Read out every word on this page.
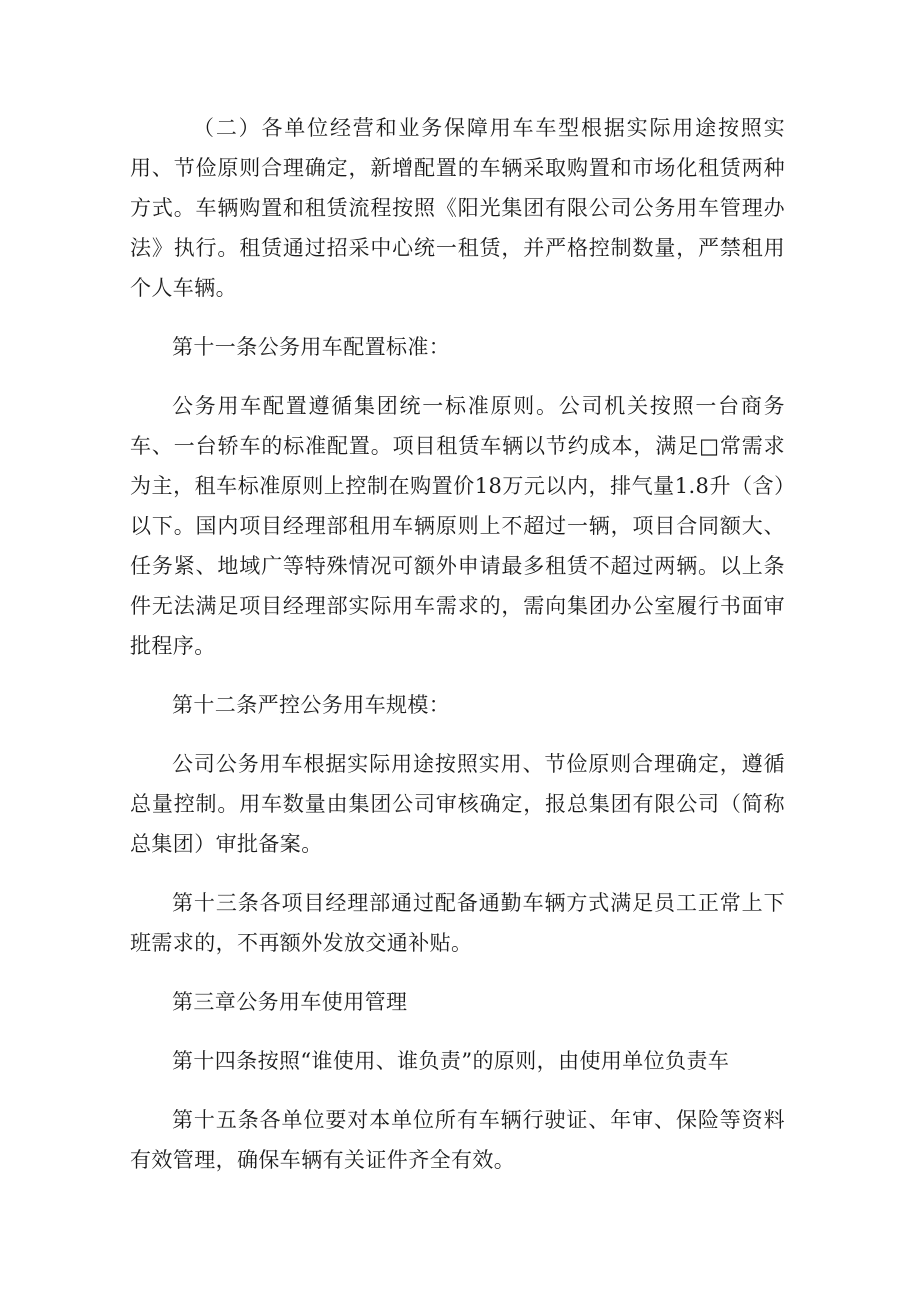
（二）各单位经营和业务保障用车车型根据实际用途按照实用、节俭原则合理确定，新增配置的车辆采取购置和市场化租赁两种方式。车辆购置和租赁流程按照《阳光集团有限公司公务用车管理办法》执行。租赁通过招采中心统一租赁，并严格控制数量，严禁租用个人车辆。

第十一条公务用车配置标准：

公务用车配置遵循集团统一标准原则。公司机关按照一台商务车、一台轿车的标准配置。项目租赁车辆以节约成本，满足□常需求为主，租车标准原则上控制在购置价18万元以内，排气量1.8升（含）以下。国内项目经理部租用车辆原则上不超过一辆，项目合同额大、任务紧、地域广等特殊情况可额外申请最多租赁不超过两辆。以上条件无法满足项目经理部实际用车需求的，需向集团办公室履行书面审批程序。

第十二条严控公务用车规模：

公司公务用车根据实际用途按照实用、节俭原则合理确定，遵循总量控制。用车数量由集团公司审核确定，报总集团有限公司（简称总集团）审批备案。

第十三条各项目经理部通过配备通勤车辆方式满足员工正常上下班需求的，不再额外发放交通补贴。

第三章公务用车使用管理

第十四条按照“谁使用、谁负责”的原则，由使用单位负责车

第十五条各单位要对本单位所有车辆行驶证、年审、保险等资料有效管理，确保车辆有关证件齐全有效。
